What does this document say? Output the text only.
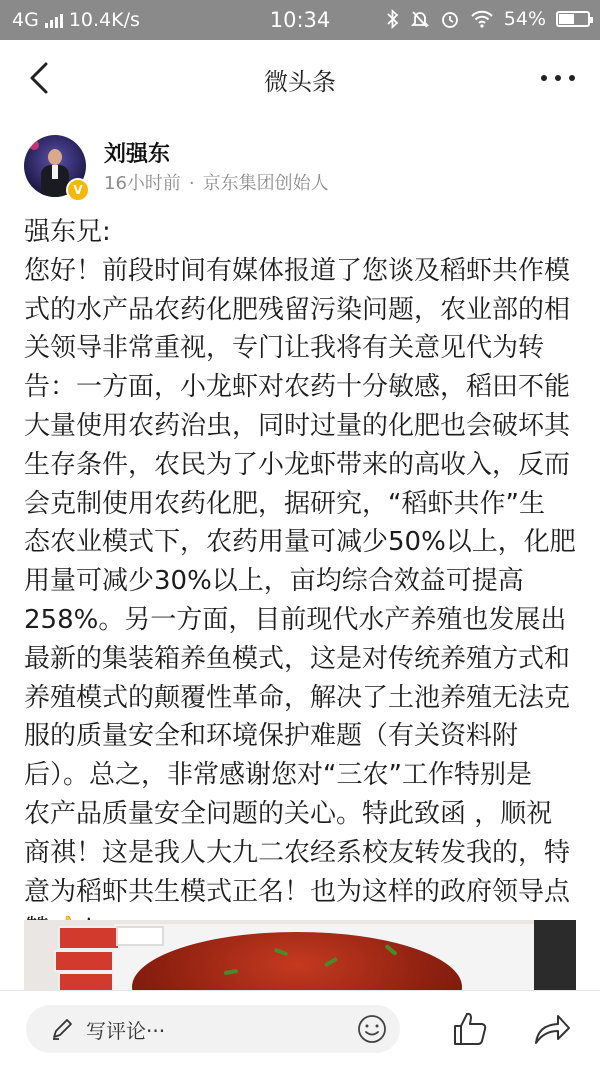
4G 10.4K/s	10:34	54%
微头条
V
刘强东
16小时前 · 京东集团创始人
强东兄:
您好！前段时间有媒体报道了您谈及稻虾共作模
式的水产品农药化肥残留污染问题，农业部的相
关领导非常重视，专门让我将有关意见代为转
告：一方面，小龙虾对农药十分敏感，稻田不能
大量使用农药治虫，同时过量的化肥也会破坏其
生存条件，农民为了小龙虾带来的高收入，反而
会克制使用农药化肥，据研究，“稻虾共作”生
态农业模式下，农药用量可减少50%以上，化肥
用量可减少30%以上，亩均综合效益可提高
258%。另一方面，目前现代水产养殖也发展出
最新的集装箱养鱼模式，这是对传统养殖方式和
养殖模式的颠覆性革命，解决了土池养殖无法克
服的质量安全和环境保护难题（有关资料附
后）。总之，非常感谢您对“三农”工作特别是
农产品质量安全问题的关心。特此致函 ，顺祝
商祺！这是我人大九二农经系校友转发我的，特
意为稻虾共生模式正名！也为这样的政府领导点
写评论···
